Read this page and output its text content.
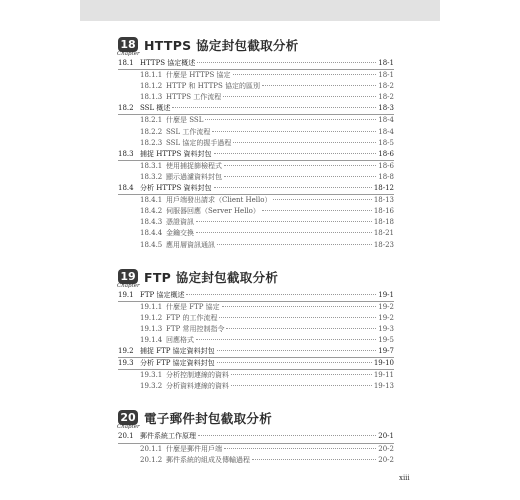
18
Chapter
HTTPS 協定封包截取分析
18.1 HTTPS 協定概述	18-1
18.1.1 什麼是 HTTPS 協定	18-1
18.1.2 HTTP 和 HTTPS 協定的區別	18-2
18.1.3 HTTPS 工作流程	18-2
18.2 SSL 概述	18-3
18.2.1 什麼是 SSL	18-4
18.2.2 SSL 工作流程	18-4
18.2.3 SSL 協定的握手過程	18-5
18.3 捕捉 HTTPS 資料封包	18-6
18.3.1 使用捕捉篩檢程式	18-6
18.3.2 顯示過濾資料封包	18-8
18.4 分析 HTTPS 資料封包	18-12
18.4.1 用戶端發出請求（Client Hello）	18-13
18.4.2 伺服器回應（Server Hello）	18-16
18.4.3 憑證資訊	18-18
18.4.4 金鑰交換	18-21
18.4.5 應用層資訊通訊	18-23
19
Chapter
FTP 協定封包截取分析
19.1 FTP 協定概述	19-1
19.1.1 什麼是 FTP 協定	19-2
19.1.2 FTP 的工作流程	19-2
19.1.3 FTP 常用控制指令	19-3
19.1.4 回應格式	19-5
19.2 捕捉 FTP 協定資料封包	19-7
19.3 分析 FTP 協定資料封包	19-10
19.3.1 分析控制連線的資料	19-11
19.3.2 分析資料連線的資料	19-13
20
Chapter
電子郵件封包截取分析
20.1 郵件系統工作原理	20-1
20.1.1 什麼是郵件用戶端	20-2
20.1.2 郵件系統的組成及傳輸過程	20-2
xiii
